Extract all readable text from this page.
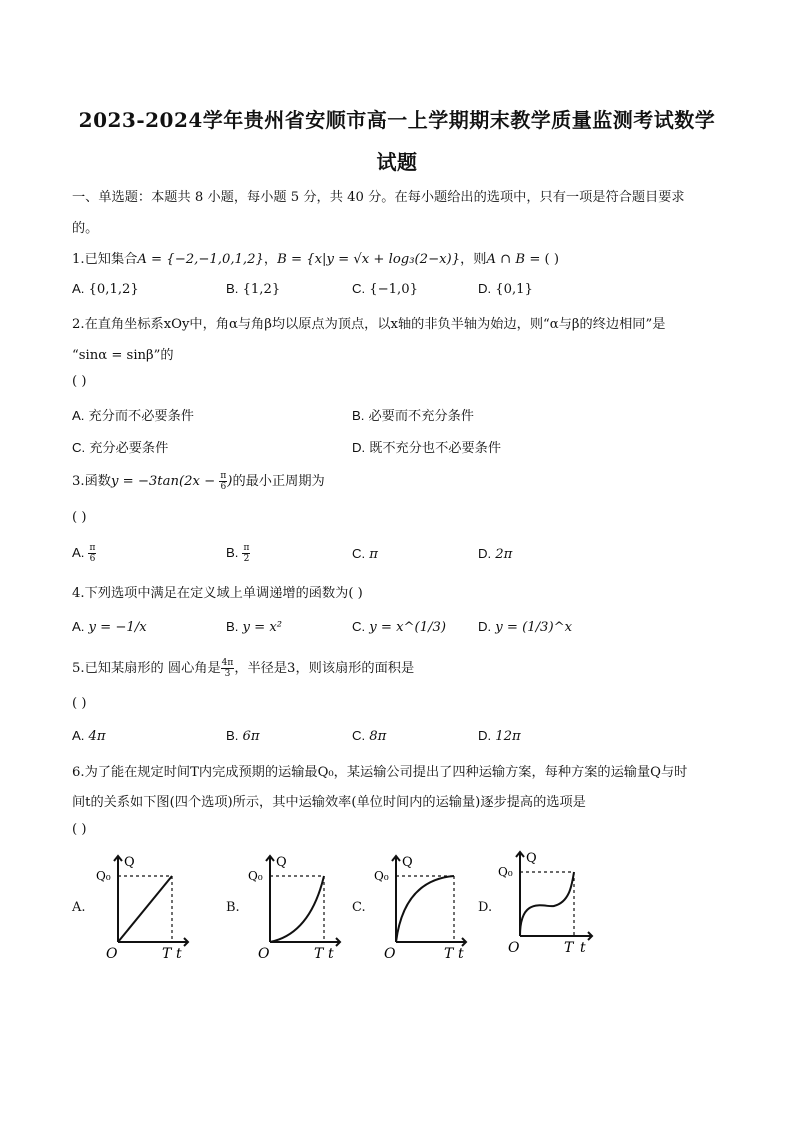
2023-2024学年贵州省安顺市高一上学期期末教学质量监测考试数学
试题
一、单选题：本题共 8 小题，每小题 5 分，共 40 分。在每小题给出的选项中，只有一项是符合题目要求
的。
1.已知集合A = {−2,−1,0,1,2}，B = {x|y = √x + log₃(2−x)}，则A ∩ B = ( )
A. {0,1,2}	B. {1,2}	C. {−1,0}	D. {0,1}
2.在直角坐标系xOy中，角α与角β均以原点为顶点，以x轴的非负半轴为始边，则“α与β的终边相同”是
“sinα = sinβ”的
( )
A. 充分而不必要条件	B. 必要而不充分条件
C. 充分必要条件	D. 既不充分也不必要条件
3.函数$y = -3\tan(2x - \frac{\pi}{6}$ )的最小正周期为
( )
A. $\frac{\pi}{6}$	B. $\frac{\pi}{2}$	C. π	D. 2π
4.下列选项中满足在定义域上单调递增的函数为( )
A. y = −1/x	B. y = x²	C. y = x^(1/3) D. y = (1/3)^x
5.已知某扇形的 圆心角是 $\frac{4\pi}{3}$ ，半径是3，则该扇形的面积是
( )
A. 4π	B. 6π	C. 8π	D. 12π
6.为了能在规定时间T内完成预期的运输最Q₀，某运输公司提出了四种运输方案，每种方案的运输量Q与时
间t的关系如下图(四个选项)所示，其中运输效率(单位时间内的运输量)逐步提高的选项是
( )
A.	B.	C.	D.
Q
Q₀
O	T t
Q
Q₀
O	T t
Q
Q₀
O	T t
Q
Q₀
O	T t
